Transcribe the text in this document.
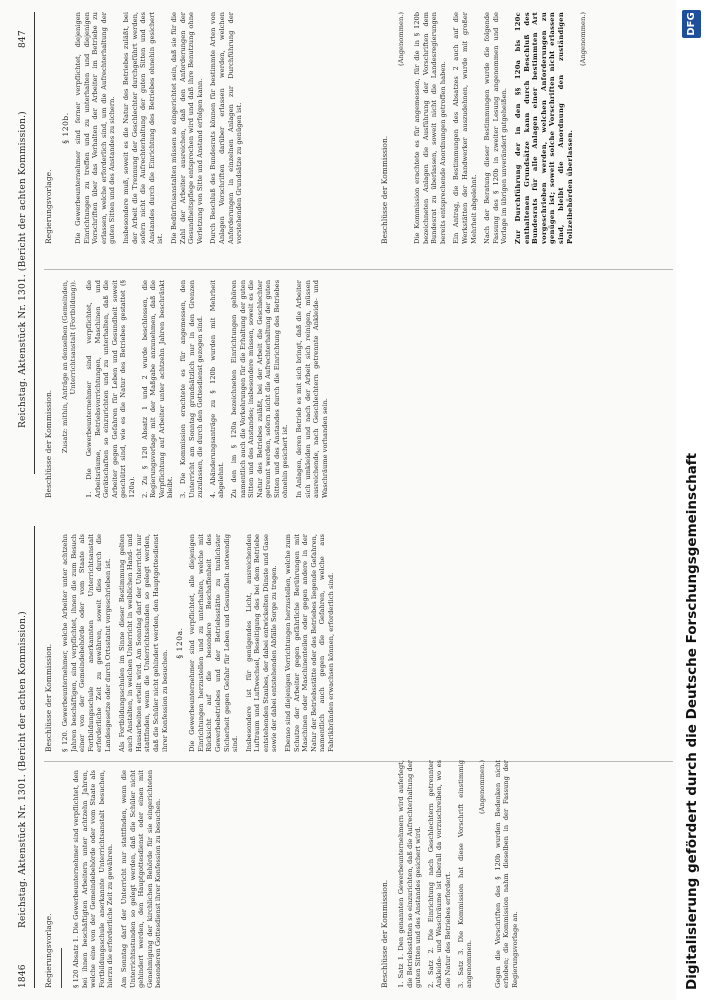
1846
Reichstag. Aktenstück Nr. 1301. (Bericht der achten Kommission.)
Reichstag. Aktenstück Nr. 1301. (Bericht der achten Kommission.)
847
Regierungsvorlage.	§ 120 Absatz 1. Die Gewerbeunternehmer sind verpflichtet, den bei ihnen beschäftigten Arbeitern unter achtzehn Jahren, welche eine von der Gemeindebehörde oder vom Staate als Fortbildungsschule anerkannte Unterrichtsanstalt besuchen, hierzu die erforderliche Zeit zu gewähren. Am Sonntag darf der Unterricht nur stattfinden, wenn die Unterrichtsstunden so gelegt werden, daß die Schüler nicht gehindert werden, den Hauptgottesdienst oder einen mit Genehmigung der kirchlichen Behörde für sie eingerichteten besonderen Gottesdienst ihrer Konfession zu besuchen.

Beschlüsse der Kommission. § 120. Gewerbeunternehmer, welche Arbeiter unter achtzehn Jahren beschäftigen, sind verpflichtet, ihnen die zum Besuch einer von der Gemeindebehörde oder vom Staate als Fortbildungsschule anerkannten Unterrichtsanstalt erforderliche Zeit zu gewähren, soweit dies durch die Landesgesetze oder durch Ortsstatut vorgeschrieben ist. Als Fortbildungsschulen im Sinne dieser Bestimmung gelten auch Anstalten, in welchen Unterricht in weiblichen Hand- und Hausarbeiten erteilt wird. Am Sonntag darf der Unterricht nur stattfinden, wenn die Unterrichtsstunden so gelegt werden, daß die Schüler nicht gehindert werden, den Hauptgottesdienst ihrer Konfession zu besuchen.

§ 120a. Die Gewerbeunternehmer sind verpflichtet, alle diejenigen Einrichtungen herzustellen und zu unterhalten, welche mit Rücksicht auf die besondere Beschaffenheit des Gewerbebetriebes und der Betriebsstätte zu tunlichster Sicherheit gegen Gefahr für Leben und Gesundheit notwendig sind. Insbesondere ist für genügendes Licht, ausreichenden Luftraum und Luftwechsel, Beseitigung des bei dem Betriebe entstehenden Staubes, der dabei entwickelten Dünste und Gase sowie der dabei entstehenden Abfälle Sorge zu tragen. Ebenso sind diejenigen Vorrichtungen herzustellen, welche zum Schutze der Arbeiter gegen gefährliche Berührungen mit Maschinen oder Maschinenteilen oder gegen andere in der Natur der Betriebsstätte oder des Betriebes liegende Gefahren, namentlich auch gegen die Gefahren, welche aus Fabrikbränden erwachsen können, erforderlich sind.

Beschlüsse der Kommission. Zusatz: mithin, Anträge an denselben (Gemeinden, Unterrichtsanstalt (Fortbildung)). 1. Die Gewerbeunternehmer sind verpflichtet, die Arbeitsräume, Betriebsvorrichtungen, Maschinen und Gerätschaften so einzurichten und zu unterhalten, daß die Arbeiter gegen Gefahren für Leben und Gesundheit soweit geschützt sind, wie es die Natur des Betriebes gestattet (§ 120a). 2. Zu § 120 Absatz 1 und 2 wurde beschlossen, die Regierungsvorlage mit der Maßgabe anzunehmen, daß die Verpflichtung auf Arbeiter unter achtzehn Jahren beschränkt bleibt. 3. Die Kommission erachtete es für angemessen, den Unterricht am Sonntag grundsätzlich nur in den Grenzen zuzulassen, die durch den Gottesdienst gezogen sind. 4. Abänderungsanträge zu § 120b wurden mit Mehrheit abgelehnt. Zu den im § 120a bezeichneten Einrichtungen gehören namentlich auch die Vorkehrungen für die Erhaltung der guten Sitten und des Anstandes; insbesondere müssen, soweit es die Natur des Betriebes zuläßt, bei der Arbeit die Geschlechter getrennt werden, sofern nicht die Aufrechterhaltung der guten Sitten und des Anstandes durch die Einrichtung des Betriebes ohnehin gesichert ist. In Anlagen, deren Betrieb es mit sich bringt, daß die Arbeiter sich umkleiden und nach der Arbeit sich reinigen, müssen ausreichende, nach Geschlechtern getrennte Ankleide- und Waschräume vorhanden sein.

Regierungsvorlage.
§ 120b. Die Gewerbeunternehmer sind ferner verpflichtet, diejenigen Einrichtungen zu treffen und zu unterhalten und diejenigen Vorschriften über das Verhalten der Arbeiter im Betriebe zu erlassen, welche erforderlich sind, um die Aufrechterhaltung der guten Sitten und des Anstandes zu sichern. Insbesondere muß, soweit es die Natur des Betriebes zuläßt, bei der Arbeit die Trennung der Geschlechter durchgeführt werden, sofern nicht die Aufrechterhaltung der guten Sitten und des Anstandes durch die Einrichtung des Betriebes ohnehin gesichert ist. Die Bedürfnisanstalten müssen so eingerichtet sein, daß sie für die Zahl der Arbeiter ausreichen, daß den Anforderungen der Gesundheitspflege entsprochen wird und daß ihre Benutzung ohne Verletzung von Sitte und Anstand erfolgen kann. Durch Beschluß des Bundesrats können für bestimmte Arten von Anlagen Vorschriften darüber erlassen werden, welchen Anforderungen in einzelnen Anlagen zur Durchführung der vorstehenden Grundsätze zu genügen ist.

Beschlüsse der Kommission. 1. Satz 1. Den genannten Gewerbeunternehmern wird auferlegt, die Betriebsstätten so einzurichten, daß die Aufrechterhaltung der guten Sitten und des Anstandes gesichert wird. 2. Satz 2. Die Einrichtung nach Geschlechtern getrennter Ankleide- und Waschräume ist überall da vorzuschreiben, wo es die Natur des Betriebes erfordert. 3. Satz 3. Die Kommission hat diese Vorschrift einstimmig angenommen.

(Angenommen.) Gegen die Vorschriften des § 120b wurden Bedenken nicht erhoben; die Kommission nahm dieselben in der Fassung der Regierungsvorlage an.

Beschlüsse der Kommission.
(Angenommen.) Die Kommission erachtete es für angemessen, für die in § 120b bezeichneten Anlagen die Ausführung der Vorschriften dem Bundesrat zu überlassen, soweit nicht die Landesregierungen bereits entsprechende Anordnungen getroffen haben. Ein Antrag, die Bestimmungen des Absatzes 2 auch auf die Werkstätten der Handwerker auszudehnen, wurde mit großer Mehrheit abgelehnt. Nach der Beratung dieser Bestimmungen wurde die folgende Fassung des § 120b in zweiter Lesung angenommen und die Vorlage im übrigen unverändert gutgeheißen. Zur Durchführung der in den §§ 120a bis 120c enthaltenen Grundsätze kann durch Beschluß des Bundesrats für alle Anlagen einer bestimmten Art vorgeschrieben werden, welchen Anforderungen zu genügen ist; soweit solche Vorschriften nicht erlassen sind, bleibt die Anordnung den zuständigen Polizeibehörden überlassen.

(Angenommen.)
Digitalisierung gefördert durch die Deutsche Forschungsgemeinschaft
DFG
